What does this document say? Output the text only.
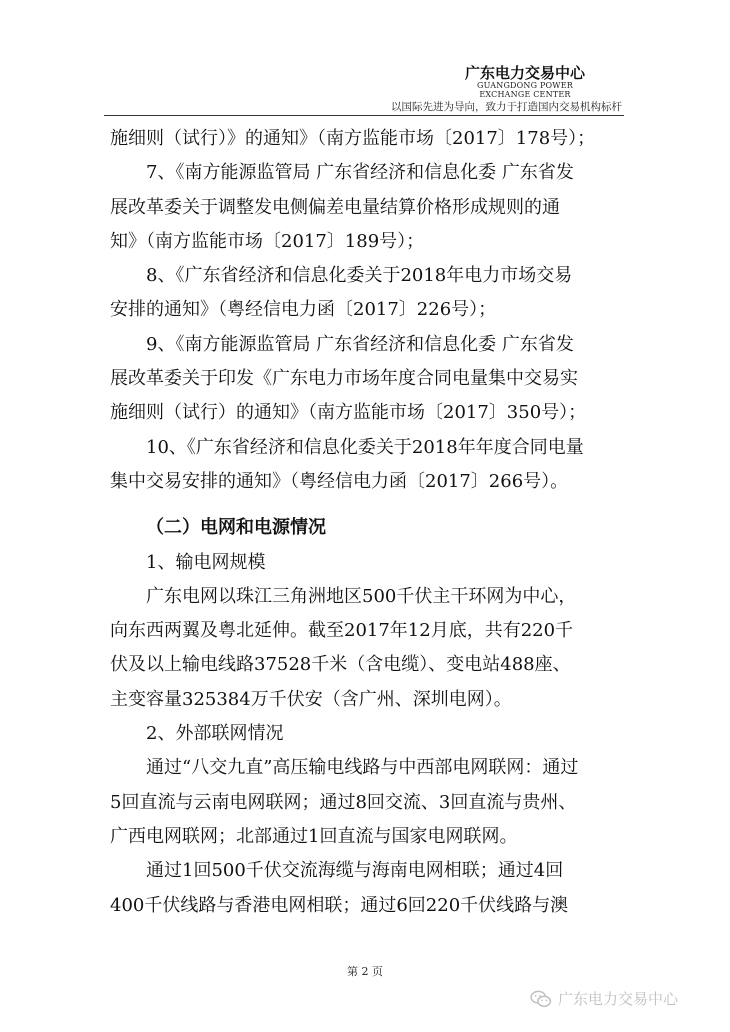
广东电力交易中心
GUANGDONG POWER EXCHANGE CENTER
以国际先进为导向，致力于打造国内交易机构标杆
施细则（试行）》的通知》（南方监能市场〔2017〕178号）；
7、《南方能源监管局 广东省经济和信息化委 广东省发
展改革委关于调整发电侧偏差电量结算价格形成规则的通
知》（南方监能市场〔2017〕189号）；
8、《广东省经济和信息化委关于2018年电力市场交易
安排的通知》（粤经信电力函〔2017〕226号）；
9、《南方能源监管局 广东省经济和信息化委 广东省发
展改革委关于印发《广东电力市场年度合同电量集中交易实
施细则（试行）的通知》（南方监能市场〔2017〕350号）；
10、《广东省经济和信息化委关于2018年年度合同电量
集中交易安排的通知》（粤经信电力函〔2017〕266号）。
（二）电网和电源情况
1、输电网规模
广东电网以珠江三角洲地区500千伏主干环网为中心，
向东西两翼及粤北延伸。截至2017年12月底，共有220千
伏及以上输电线路37528千米（含电缆）、变电站488座、
主变容量325384万千伏安（含广州、深圳电网）。
2、外部联网情况
通过“八交九直”高压输电线路与中西部电网联网：通过
5回直流与云南电网联网；通过8回交流、3回直流与贵州、
广西电网联网；北部通过1回直流与国家电网联网。
通过1回500千伏交流海缆与海南电网相联；通过4回
400千伏线路与香港电网相联；通过6回220千伏线路与澳
第 2 页
广东电力交易中心
